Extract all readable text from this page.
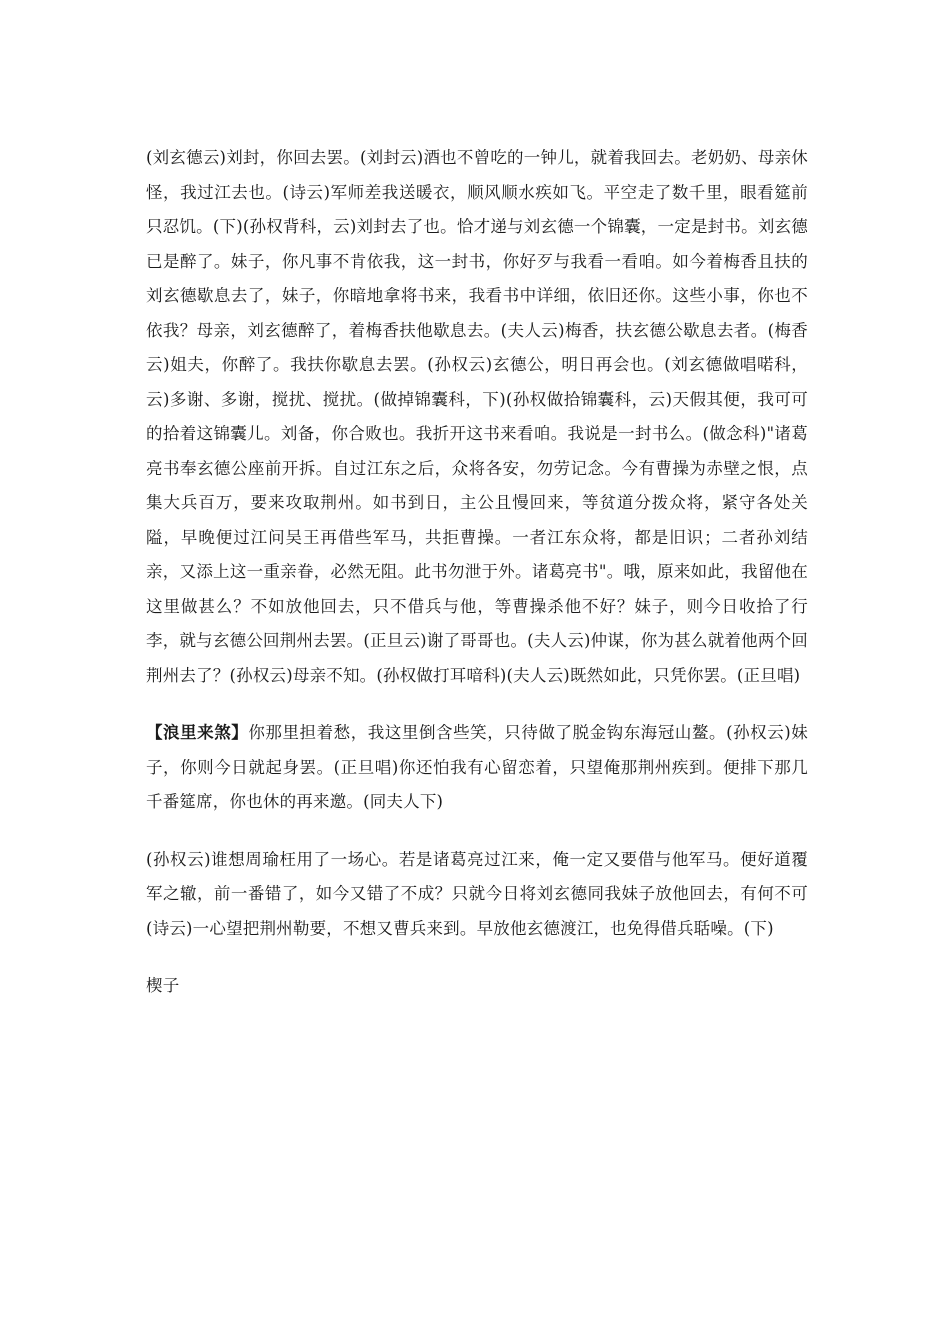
(刘玄德云)刘封，你回去罢。(刘封云)酒也不曾吃的一钟儿，就着我回去。老奶奶、母亲休怪，我过江去也。(诗云)军师差我送暖衣，顺风顺水疾如飞。平空走了数千里，眼看筵前只忍饥。(下)(孙权背科，云)刘封去了也。恰才递与刘玄德一个锦囊，一定是封书。刘玄德已是醉了。妹子，你凡事不肯依我，这一封书，你好歹与我看一看咱。如今着梅香且扶的刘玄德歇息去了，妹子，你暗地拿将书来，我看书中详细，依旧还你。这些小事，你也不依我？母亲，刘玄德醉了，着梅香扶他歇息去。(夫人云)梅香，扶玄德公歇息去者。(梅香云)姐夫，你醉了。我扶你歇息去罢。(孙权云)玄德公，明日再会也。(刘玄德做唱喏科，云)多谢、多谢，搅扰、搅扰。(做掉锦囊科，下)(孙权做拾锦囊科，云)天假其便，我可可的拾着这锦囊儿。刘备，你合败也。我折开这书来看咱。我说是一封书么。(做念科)"诸葛亮书奉玄德公座前开拆。自过江东之后，众将各安，勿劳记念。今有曹操为赤壁之恨，点集大兵百万，要来攻取荆州。如书到日，主公且慢回来，等贫道分拨众将，紧守各处关隘，早晚便过江问吴王再借些军马，共拒曹操。一者江东众将，都是旧识；二者孙刘结亲，又添上这一重亲眷，必然无阻。此书勿泄于外。诸葛亮书"。哦，原来如此，我留他在这里做甚么？不如放他回去，只不借兵与他，等曹操杀他不好？妹子，则今日收拾了行李，就与玄德公回荆州去罢。(正旦云)谢了哥哥也。(夫人云)仲谋，你为甚么就着他两个回荆州去了？(孙权云)母亲不知。(孙权做打耳喑科)(夫人云)既然如此，只凭你罢。(正旦唱)

【浪里来煞】你那里担着愁，我这里倒含些笑，只待做了脱金钩东海冠山鳌。(孙权云)妹子，你则今日就起身罢。(正旦唱)你还怕我有心留恋着，只望俺那荆州疾到。便排下那几千番筵席，你也休的再来邀。(同夫人下)

(孙权云)谁想周瑜枉用了一场心。若是诸葛亮过江来，俺一定又要借与他军马。便好道覆军之辙，前一番错了，如今又错了不成？只就今日将刘玄德同我妹子放他回去，有何不可(诗云)一心望把荆州勒要，不想又曹兵来到。早放他玄德渡江，也免得借兵聒噪。(下)

楔子
